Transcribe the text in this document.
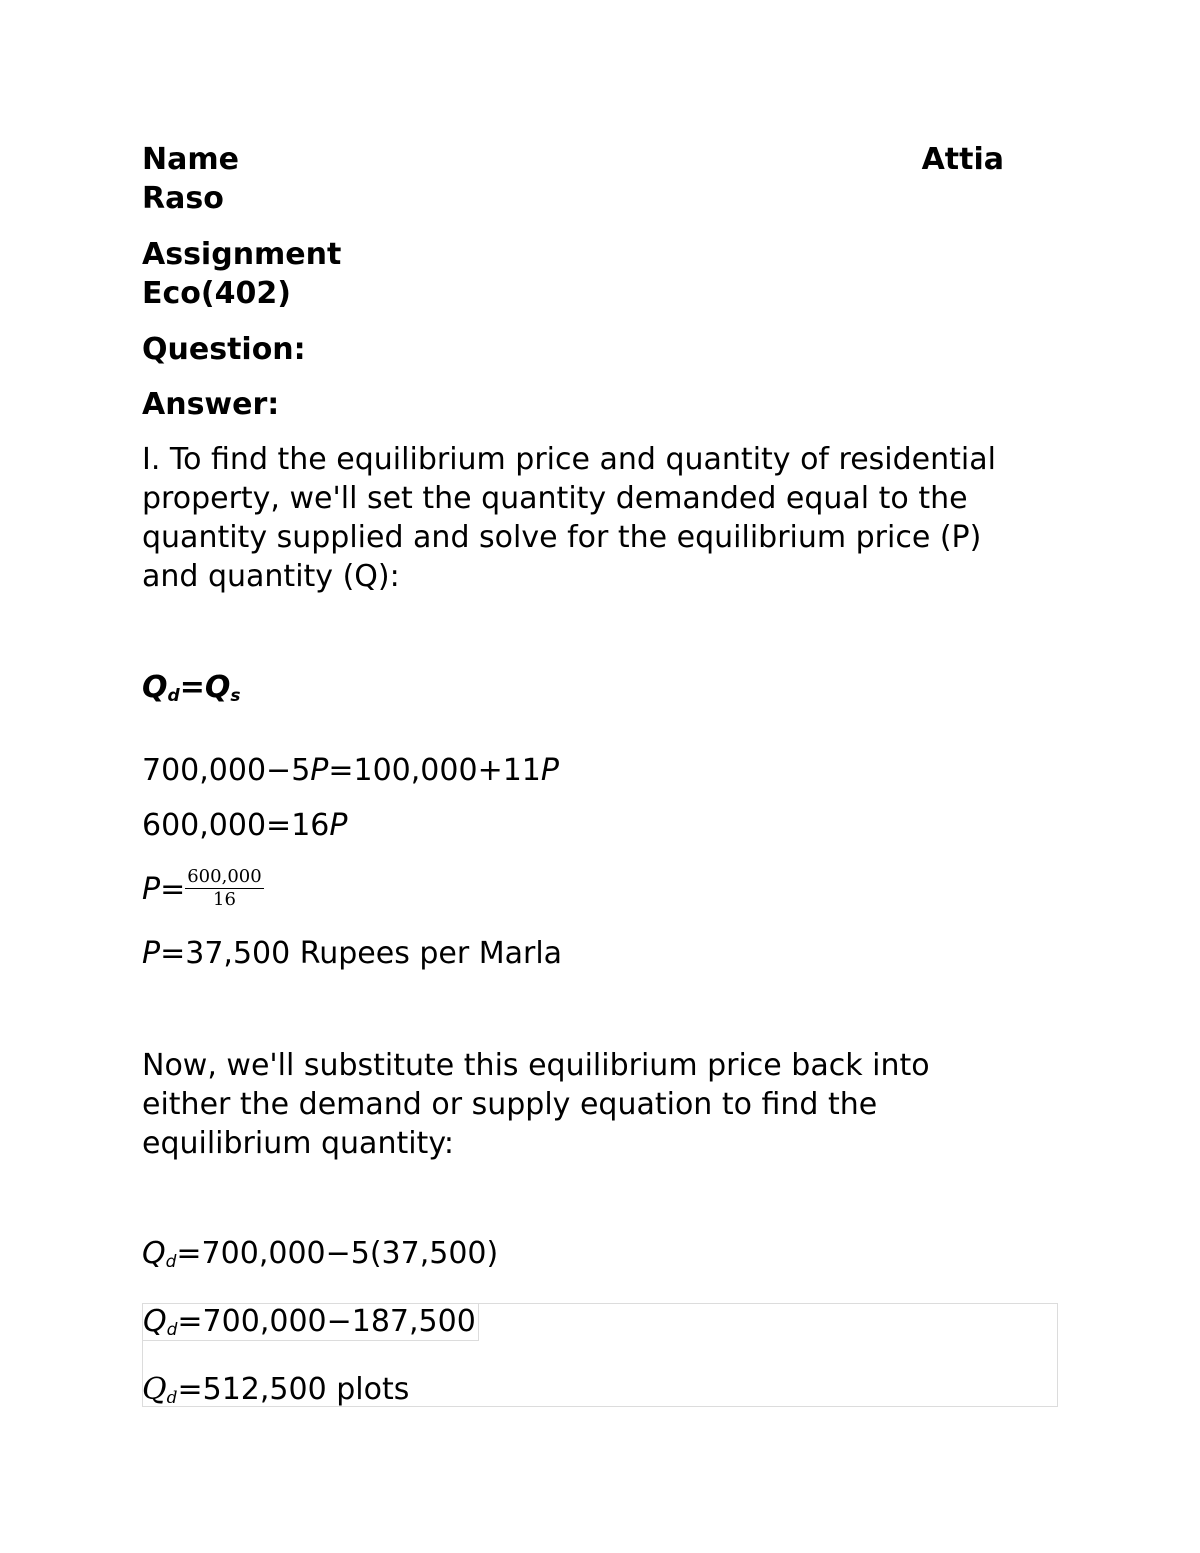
Name	Attia
Raso
Assignment
Eco(402)
Question:
Answer:
I. To find the equilibrium price and quantity of residential
property, we'll set the quantity demanded equal to the
quantity supplied and solve for the equilibrium price (P)
and quantity (Q):
$Q_d=Q_s$
700,000−5P=100,000+11P
600,000=16P
$P= \frac{600,000}{16}$
P=37,500 Rupees per Marla
Now, we'll substitute this equilibrium price back into
either the demand or supply equation to find the
equilibrium quantity:
$Q_d=700,000-5(37,500)$
$Q_d=700,000-187,500$
$Q_d=512,500$ plots
